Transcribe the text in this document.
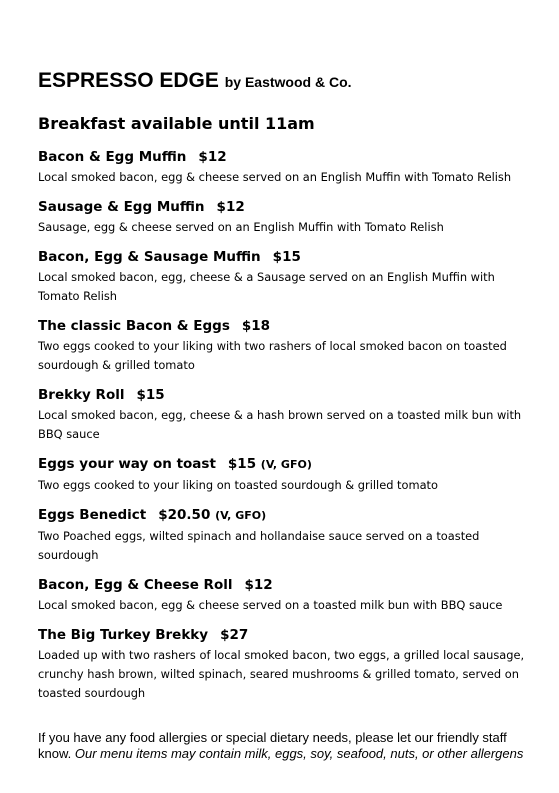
ESPRESSO EDGE by Eastwood & Co.
Breakfast available until 11am

Bacon & Egg Muffin $12

Local smoked bacon, egg & cheese served on an English Muffin with Tomato Relish

Sausage & Egg Muffin $12

Sausage, egg & cheese served on an English Muffin with Tomato Relish

Bacon, Egg & Sausage Muffin $15

Local smoked bacon, egg, cheese & a Sausage served on an English Muffin with Tomato Relish

The classic Bacon & Eggs $18

Two eggs cooked to your liking with two rashers of local smoked bacon on toasted sourdough & grilled tomato

Brekky Roll $15

Local smoked bacon, egg, cheese & a hash brown served on a toasted milk bun with BBQ sauce

Eggs your way on toast $15 (V, GFO)

Two eggs cooked to your liking on toasted sourdough & grilled tomato

Eggs Benedict $20.50 (V, GFO)

Two Poached eggs, wilted spinach and hollandaise sauce served on a toasted sourdough

Bacon, Egg & Cheese Roll $12

Local smoked bacon, egg & cheese served on a toasted milk bun with BBQ sauce

The Big Turkey Brekky $27

Loaded up with two rashers of local smoked bacon, two eggs, a grilled local sausage, crunchy hash brown, wilted spinach, seared mushrooms & grilled tomato, served on toasted sourdough

If you have any food allergies or special dietary needs, please let our friendly staff know. Our menu items may contain milk, eggs, soy, seafood, nuts, or other allergens
